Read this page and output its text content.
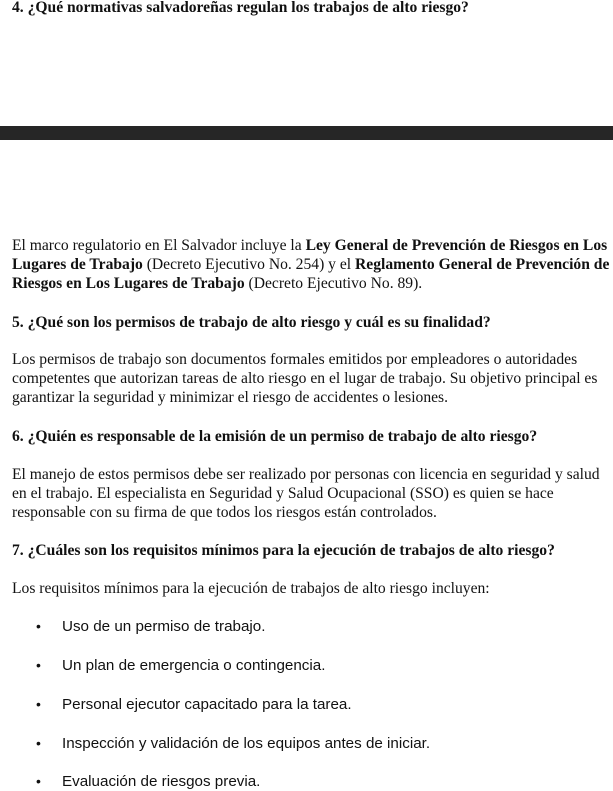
4. ¿Qué normativas salvadoreñas regulan los trabajos de alto riesgo?

El marco regulatorio en El Salvador incluye la Ley General de Prevención de Riesgos en Los Lugares de Trabajo (Decreto Ejecutivo No. 254) y el Reglamento General de Prevención de Riesgos en Los Lugares de Trabajo (Decreto Ejecutivo No. 89).

5. ¿Qué son los permisos de trabajo de alto riesgo y cuál es su finalidad?

Los permisos de trabajo son documentos formales emitidos por empleadores o autoridades competentes que autorizan tareas de alto riesgo en el lugar de trabajo. Su objetivo principal es garantizar la seguridad y minimizar el riesgo de accidentes o lesiones.

6. ¿Quién es responsable de la emisión de un permiso de trabajo de alto riesgo?

El manejo de estos permisos debe ser realizado por personas con licencia en seguridad y salud en el trabajo. El especialista en Seguridad y Salud Ocupacional (SSO) es quien se hace responsable con su firma de que todos los riesgos están controlados.

7. ¿Cuáles son los requisitos mínimos para la ejecución de trabajos de alto riesgo?

Los requisitos mínimos para la ejecución de trabajos de alto riesgo incluyen:

• Uso de un permiso de trabajo.
• Un plan de emergencia o contingencia.
• Personal ejecutor capacitado para la tarea.
• Inspección y validación de los equipos antes de iniciar.
• Evaluación de riesgos previa.
